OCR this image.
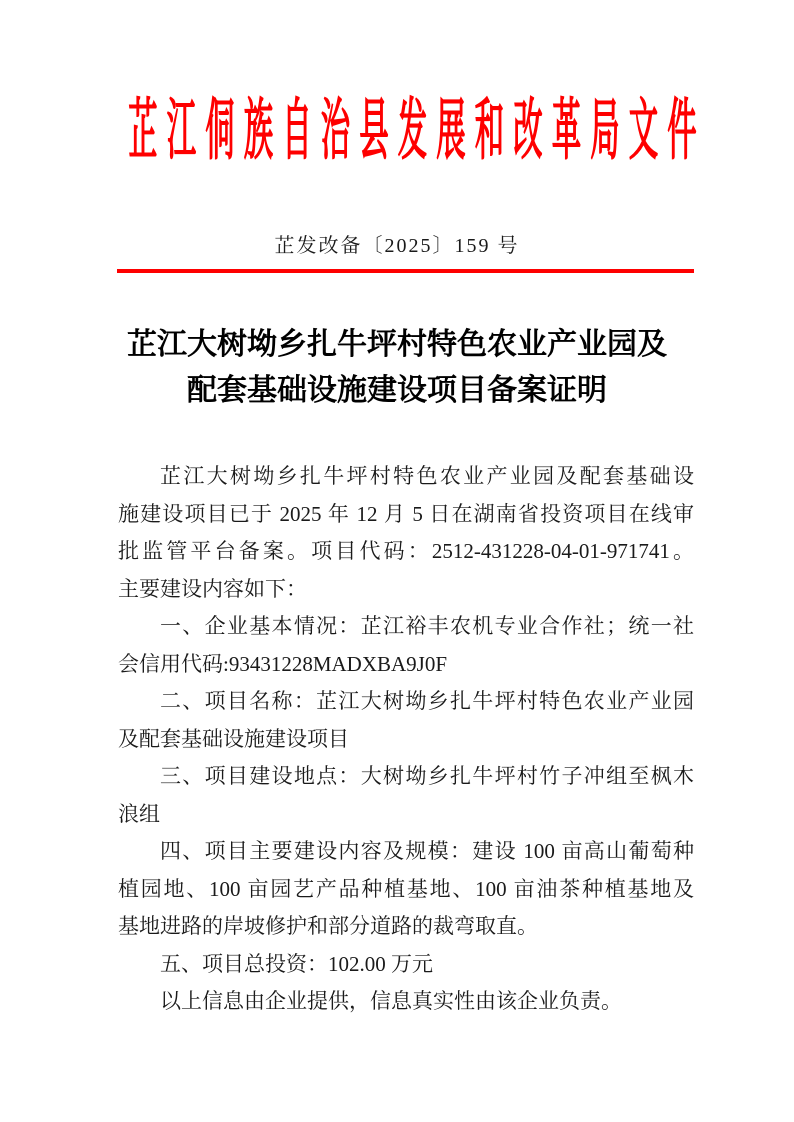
芷江侗族自治县发展和改革局文件
芷发改备〔2025〕159 号
芷江大树坳乡扎牛坪村特色农业产业园及
配套基础设施建设项目备案证明
芷江大树坳乡扎牛坪村特色农业产业园及配套基础设
施建设项目已于 2025 年 12 月 5 日在湖南省投资项目在线审
批监管平台备案。项目代码：2512-431228-04-01-971741。
主要建设内容如下：
一、企业基本情况：芷江裕丰农机专业合作社；统一社
会信用代码:93431228MADXBA9J0F
二、项目名称：芷江大树坳乡扎牛坪村特色农业产业园
及配套基础设施建设项目
三、项目建设地点：大树坳乡扎牛坪村竹子冲组至枫木
浪组
四、项目主要建设内容及规模：建设 100 亩高山葡萄种
植园地、100 亩园艺产品种植基地、100 亩油茶种植基地及
基地进路的岸坡修护和部分道路的裁弯取直。
五、项目总投资：102.00 万元
以上信息由企业提供，信息真实性由该企业负责。
